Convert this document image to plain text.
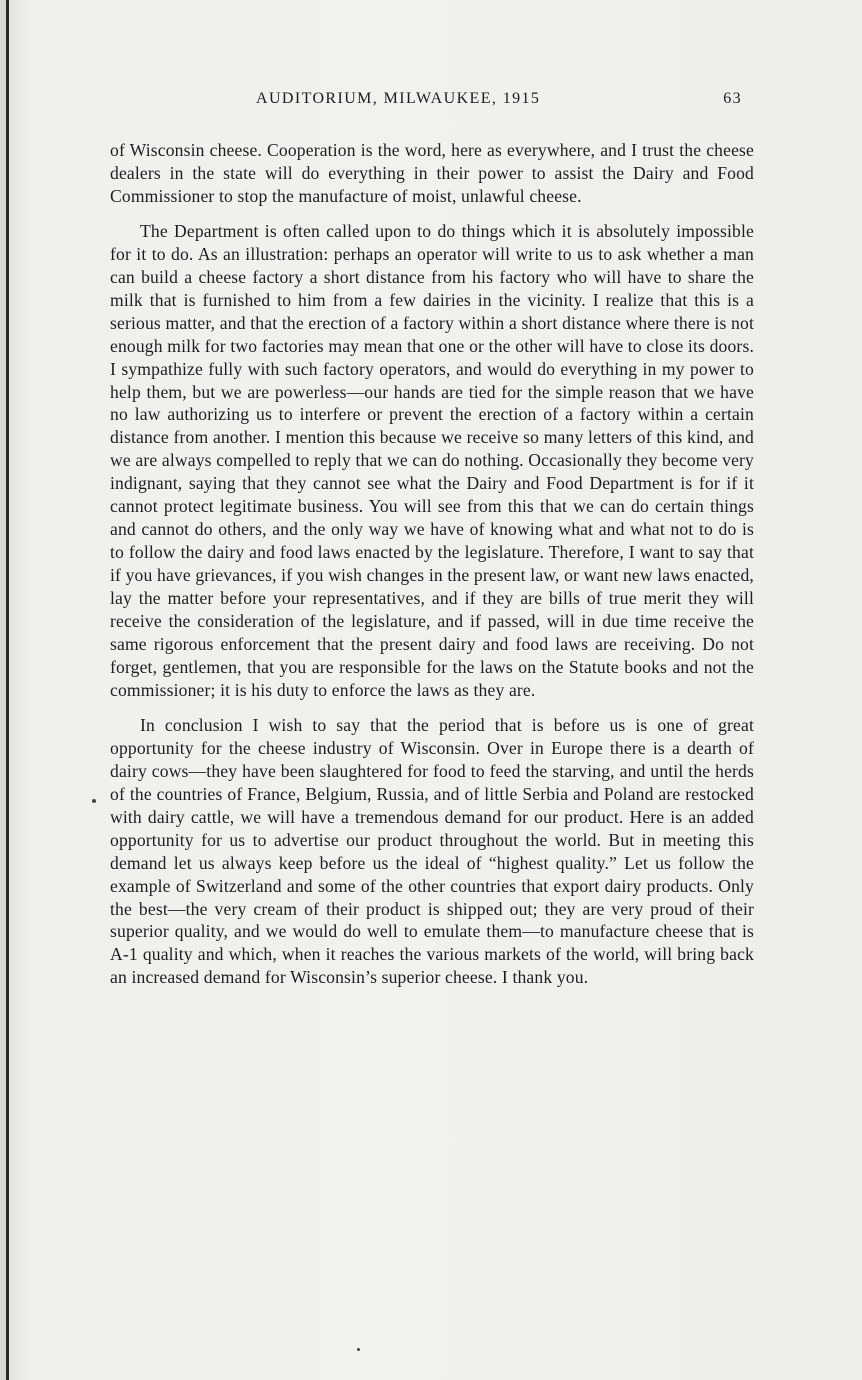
AUDITORIUM, MILWAUKEE, 1915	63

of Wisconsin cheese. Cooperation is the word, here as everywhere, and I trust the cheese dealers in the state will do everything in their power to assist the Dairy and Food Commissioner to stop the manufacture of moist, unlawful cheese.

The Department is often called upon to do things which it is absolutely impossible for it to do. As an illustration: perhaps an operator will write to us to ask whether a man can build a cheese factory a short distance from his factory who will have to share the milk that is furnished to him from a few dairies in the vicinity. I realize that this is a serious matter, and that the erection of a factory within a short distance where there is not enough milk for two factories may mean that one or the other will have to close its doors. I sympathize fully with such factory operators, and would do everything in my power to help them, but we are powerless—our hands are tied for the simple reason that we have no law authorizing us to interfere or prevent the erection of a factory within a certain distance from another. I mention this because we receive so many letters of this kind, and we are always compelled to reply that we can do nothing. Occasionally they become very indignant, saying that they cannot see what the Dairy and Food Department is for if it cannot protect legitimate business. You will see from this that we can do certain things and cannot do others, and the only way we have of knowing what and what not to do is to follow the dairy and food laws enacted by the legislature. Therefore, I want to say that if you have grievances, if you wish changes in the present law, or want new laws enacted, lay the matter before your representatives, and if they are bills of true merit they will receive the consideration of the legislature, and if passed, will in due time receive the same rigorous enforcement that the present dairy and food laws are receiving. Do not forget, gentlemen, that you are responsible for the laws on the Statute books and not the commissioner; it is his duty to enforce the laws as they are.

In conclusion I wish to say that the period that is before us is one of great opportunity for the cheese industry of Wisconsin. Over in Europe there is a dearth of dairy cows—they have been slaughtered for food to feed the starving, and until the herds of the countries of France, Belgium, Russia, and of little Serbia and Poland are restocked with dairy cattle, we will have a tremendous demand for our product. Here is an added opportunity for us to advertise our product throughout the world. But in meeting this demand let us always keep before us the ideal of “highest quality.” Let us follow the example of Switzerland and some of the other countries that export dairy products. Only the best—the very cream of their product is shipped out; they are very proud of their superior quality, and we would do well to emulate them—to manufacture cheese that is A-1 quality and which, when it reaches the various markets of the world, will bring back an increased demand for Wisconsin’s superior cheese. I thank you.
